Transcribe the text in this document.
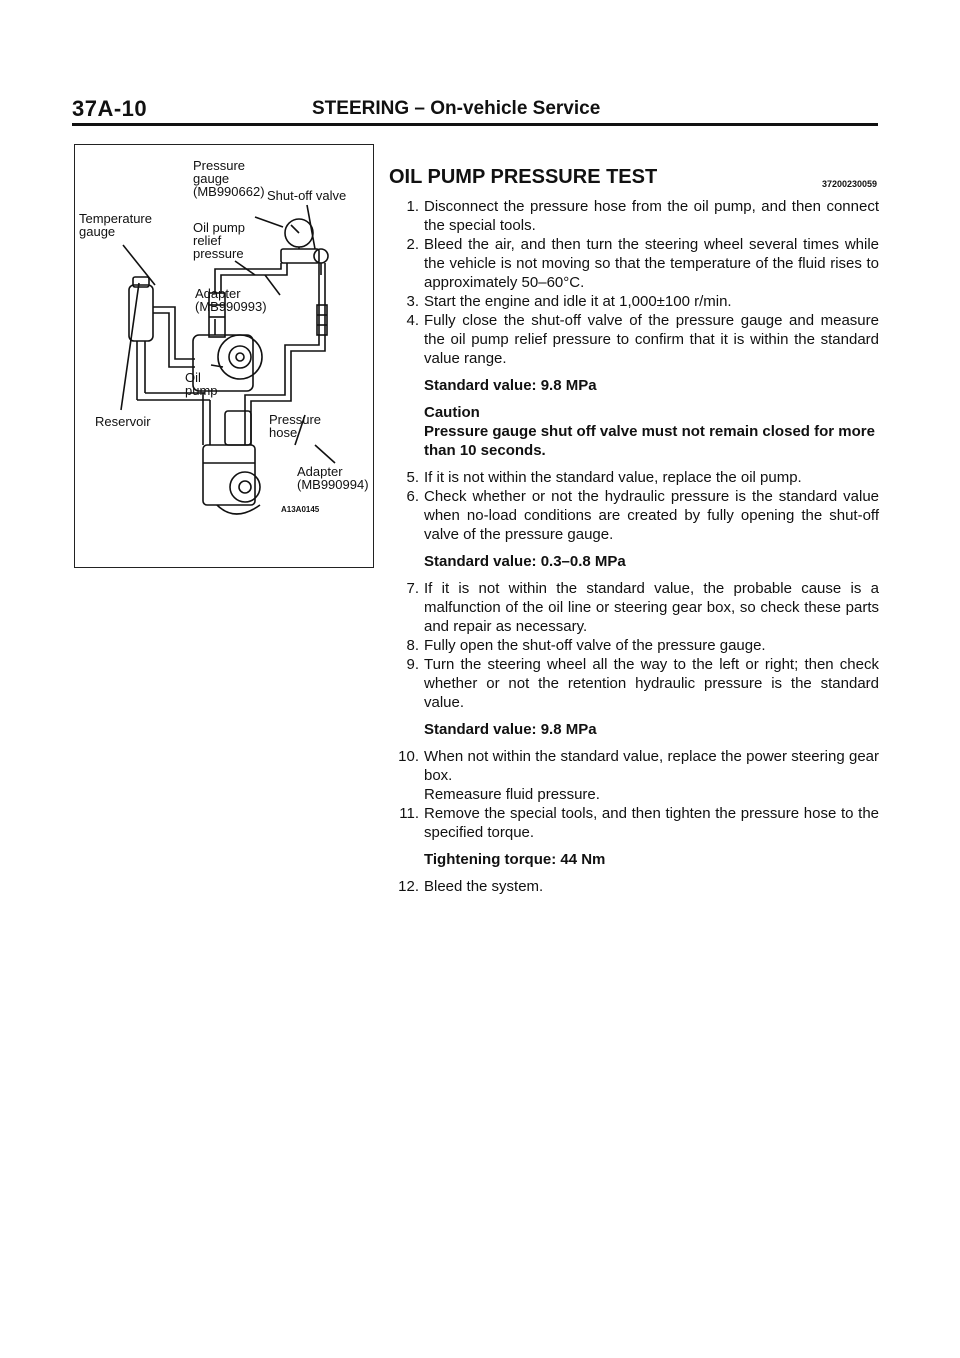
37A-10	STEERING – On-vehicle Service
Pressure
gauge
(MB990662) Shut-off valve
Temperature
gauge	Oil pump
relief
pressure
Adapter
(MB990993)
Oil
pump
Reservoir	Pressure
hose
Adapter
(MB990994)
A13A0145
OIL PUMP PRESSURE TEST	37200230059
1. Disconnect the pressure hose from the oil pump, and then connect the special tools.
2. Bleed the air, and then turn the steering wheel several times while the vehicle is not moving so that the temperature of the fluid rises to approximately 50–60°C.
3. Start the engine and idle it at 1,000±100 r/min.
4. Fully close the shut-off valve of the pressure gauge and measure the oil pump relief pressure to confirm that it is within the standard value range.
Standard value: 9.8 MPa
Caution
Pressure gauge shut off valve must not remain closed for more than 10 seconds.
5. If it is not within the standard value, replace the oil pump.
6. Check whether or not the hydraulic pressure is the standard value when no-load conditions are created by fully opening the shut-off valve of the pressure gauge.
Standard value: 0.3–0.8 MPa
7. If it is not within the standard value, the probable cause is a malfunction of the oil line or steering gear box, so check these parts and repair as necessary.
8. Fully open the shut-off valve of the pressure gauge.
9. Turn the steering wheel all the way to the left or right; then check whether or not the retention hydraulic pressure is the standard value.
Standard value: 9.8 MPa
10. When not within the standard value, replace the power steering gear box.
Remeasure fluid pressure.
11. Remove the special tools, and then tighten the pressure hose to the specified torque.
Tightening torque: 44 Nm
12. Bleed the system.
